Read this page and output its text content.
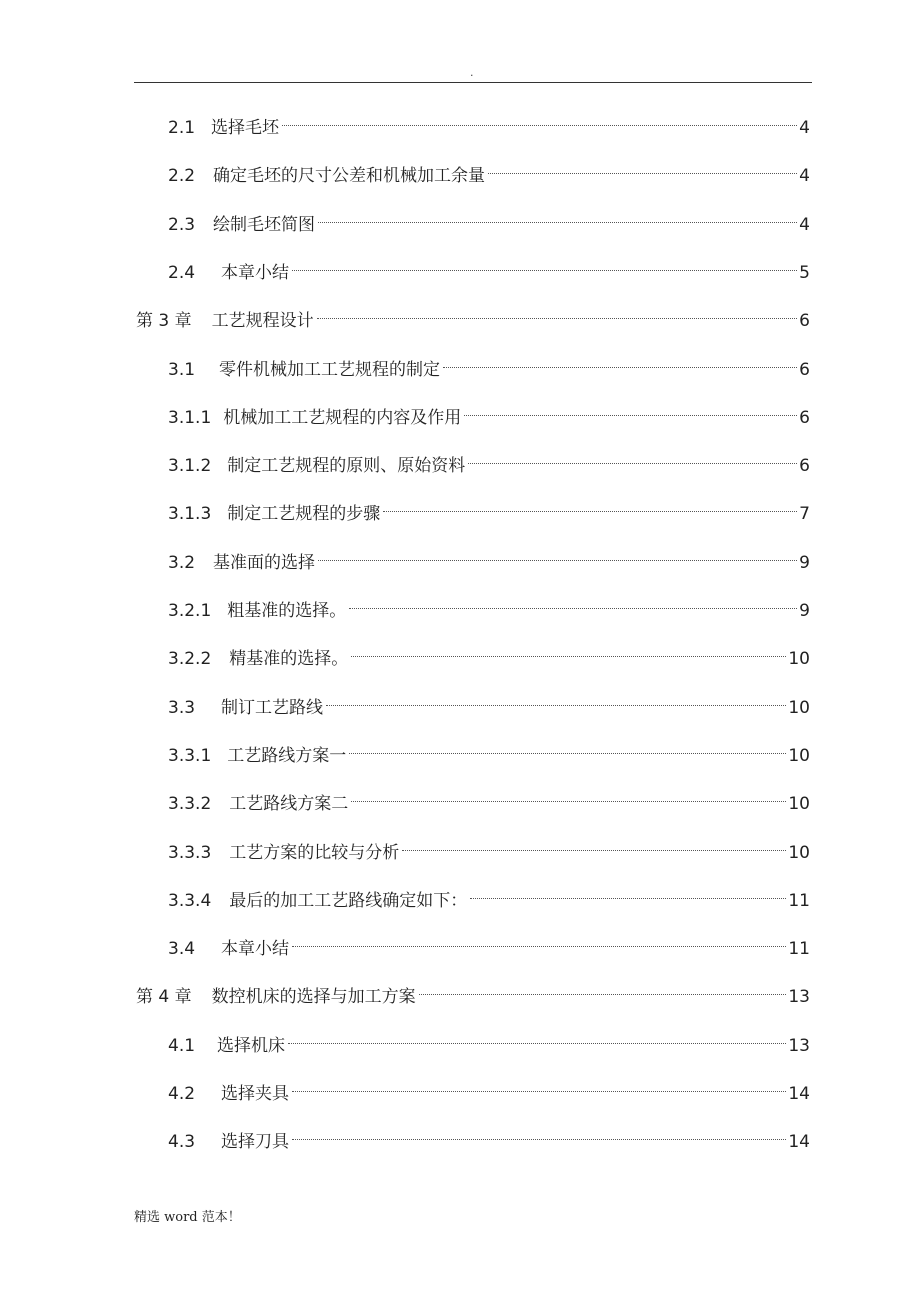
.
2.1 选择毛坯	4
2.2 确定毛坯的尺寸公差和机械加工余量	4
2.3 绘制毛坯简图	4
2.4 本章小结	5
第 3 章 工艺规程设计	6
3.1 零件机械加工工艺规程的制定	6
3.1.1 机械加工工艺规程的内容及作用	6
3.1.2 制定工艺规程的原则、原始资料	6
3.1.3 制定工艺规程的步骤	7
3.2 基准面的选择	9
3.2.1 粗基准的选择。	9
3.2.2 精基准的选择。	10
3.3 制订工艺路线	10
3.3.1 工艺路线方案一	10
3.3.2 工艺路线方案二	10
3.3.3 工艺方案的比较与分析	10
3.3.4 最后的加工工艺路线确定如下：	11
3.4 本章小结	11
第 4 章 数控机床的选择与加工方案	13
4.1 选择机床	13
4.2 选择夹具	14
4.3 选择刀具	14
精选 word 范本！
